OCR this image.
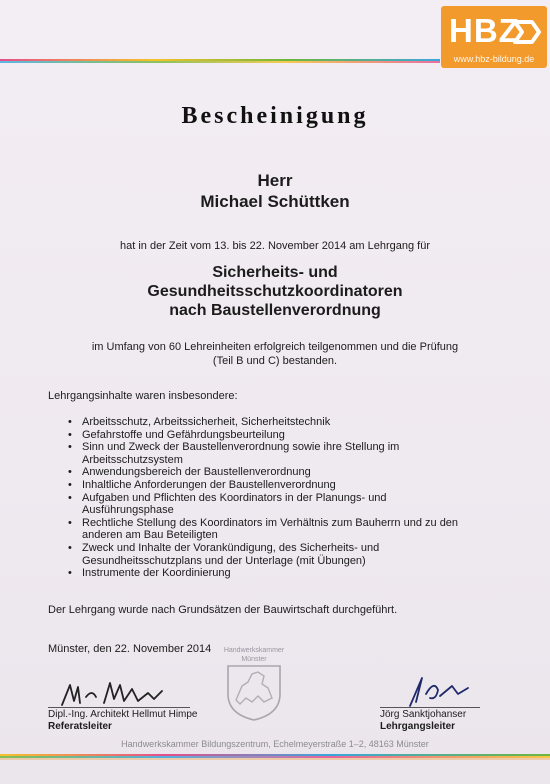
HBZ
www.hbz-bildung.de
Bescheinigung
Herr
Michael Schüttken
hat in der Zeit vom 13. bis 22. November 2014 am Lehrgang für
Sicherheits- und
Gesundheitsschutzkoordinatoren
nach Baustellenverordnung
im Umfang von 60 Lehreinheiten erfolgreich teilgenommen und die Prüfung
(Teil B und C) bestanden.
Lehrgangsinhalte waren insbesondere:
• Arbeitsschutz, Arbeitssicherheit, Sicherheitstechnik
• Gefahrstoffe und Gefährdungsbeurteilung
• Sinn und Zweck der Baustellenverordnung sowie ihre Stellung im
Arbeitsschutzsystem
• Anwendungsbereich der Baustellenverordnung
• Inhaltliche Anforderungen der Baustellenverordnung
• Aufgaben und Pflichten des Koordinators in der Planungs- und
Ausführungsphase
• Rechtliche Stellung des Koordinators im Verhältnis zum Bauherrn und zu den
anderen am Bau Beteiligten
• Zweck und Inhalte der Vorankündigung, des Sicherheits- und
Gesundheitsschutzplans und der Unterlage (mit Übungen)
• Instrumente der Koordinierung
Der Lehrgang wurde nach Grundsätzen der Bauwirtschaft durchgeführt.
Münster, den 22. November 2014 Handwerkskammer
Münster
Dipl.-Ing. Architekt Hellmut Himpe
Referatsleiter
Jörg Sanktjohanser
Lehrgangsleiter
Handwerkskammer Bildungszentrum, Echelmeyerstraße 1–2, 48163 Münster
